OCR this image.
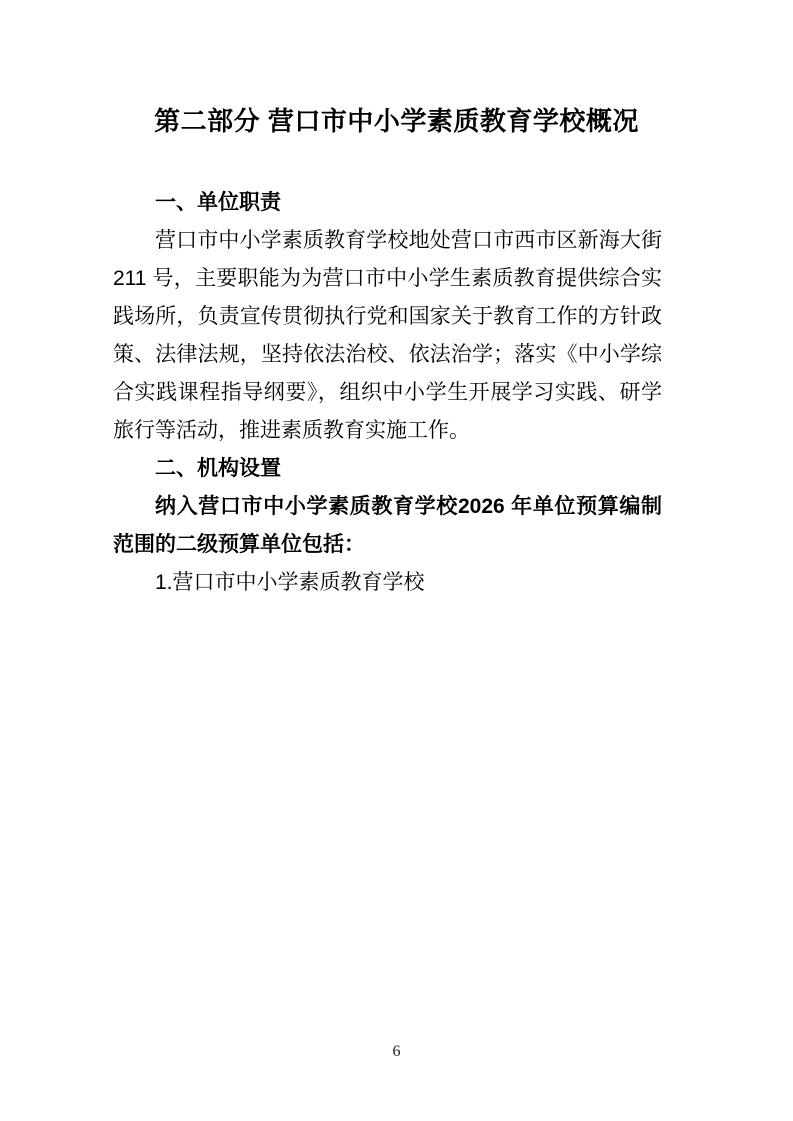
第二部分 营口市中小学素质教育学校概况
一、单位职责

营口市中小学素质教育学校地处营口市西市区新海大街 211 号，主要职能为为营口市中小学生素质教育提供综合实践场所，负责宣传贯彻执行党和国家关于教育工作的方针政策、法律法规，坚持依法治校、依法治学；落实《中小学综合实践课程指导纲要》，组织中小学生开展学习实践、研学旅行等活动，推进素质教育实施工作。

二、机构设置

纳入营口市中小学素质教育学校2026 年单位预算编制范围的二级预算单位包括：

1.营口市中小学素质教育学校

6
